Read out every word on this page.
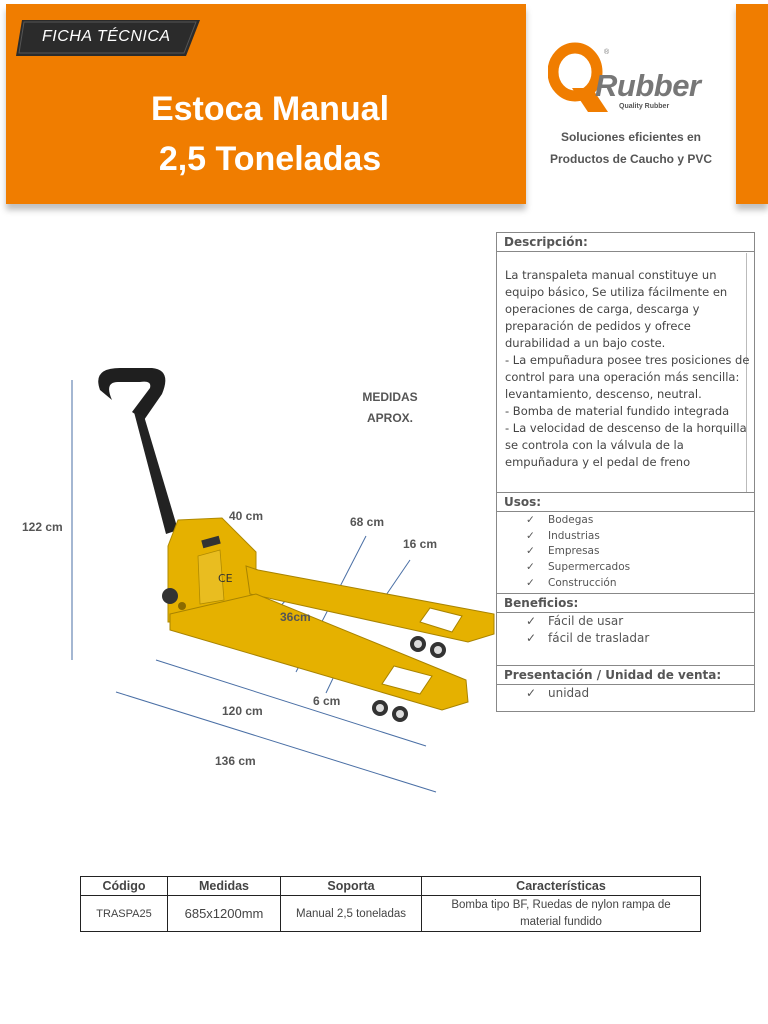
FICHA TÉCNICA
Estoca Manual
2,5 Toneladas
®
Rubber
Quality Rubber
Soluciones eficientes en
Productos de Caucho y PVC
CE
MEDIDAS
APROX.
122 cm
40 cm	68 cm
16 cm
36cm
6 cm
120 cm
136 cm
Descripción:
La transpaleta manual constituye un
equipo básico, Se utiliza fácilmente en
operaciones de carga, descarga y
preparación de pedidos y ofrece
durabilidad a un bajo coste.
- La empuñadura posee tres posiciones de
control para una operación más sencilla:
levantamiento, descenso, neutral.
- Bomba de material fundido integrada
- La velocidad de descenso de la horquilla
se controla con la válvula de la
empuñadura y el pedal de freno
Usos:
✓ Bodegas
✓ Industrias
✓ Empresas
✓ Supermercados
✓ Construcción
Beneficios:
✓ Fácil de usar
✓ fácil de trasladar
Presentación / Unidad de venta:
✓ unidad
Código	Medidas	Soporta	Características
TRASPA25	685x1200mm	Manual 2,5 toneladas	Bomba tipo BF, Ruedas de nylon rampa de
material fundido
